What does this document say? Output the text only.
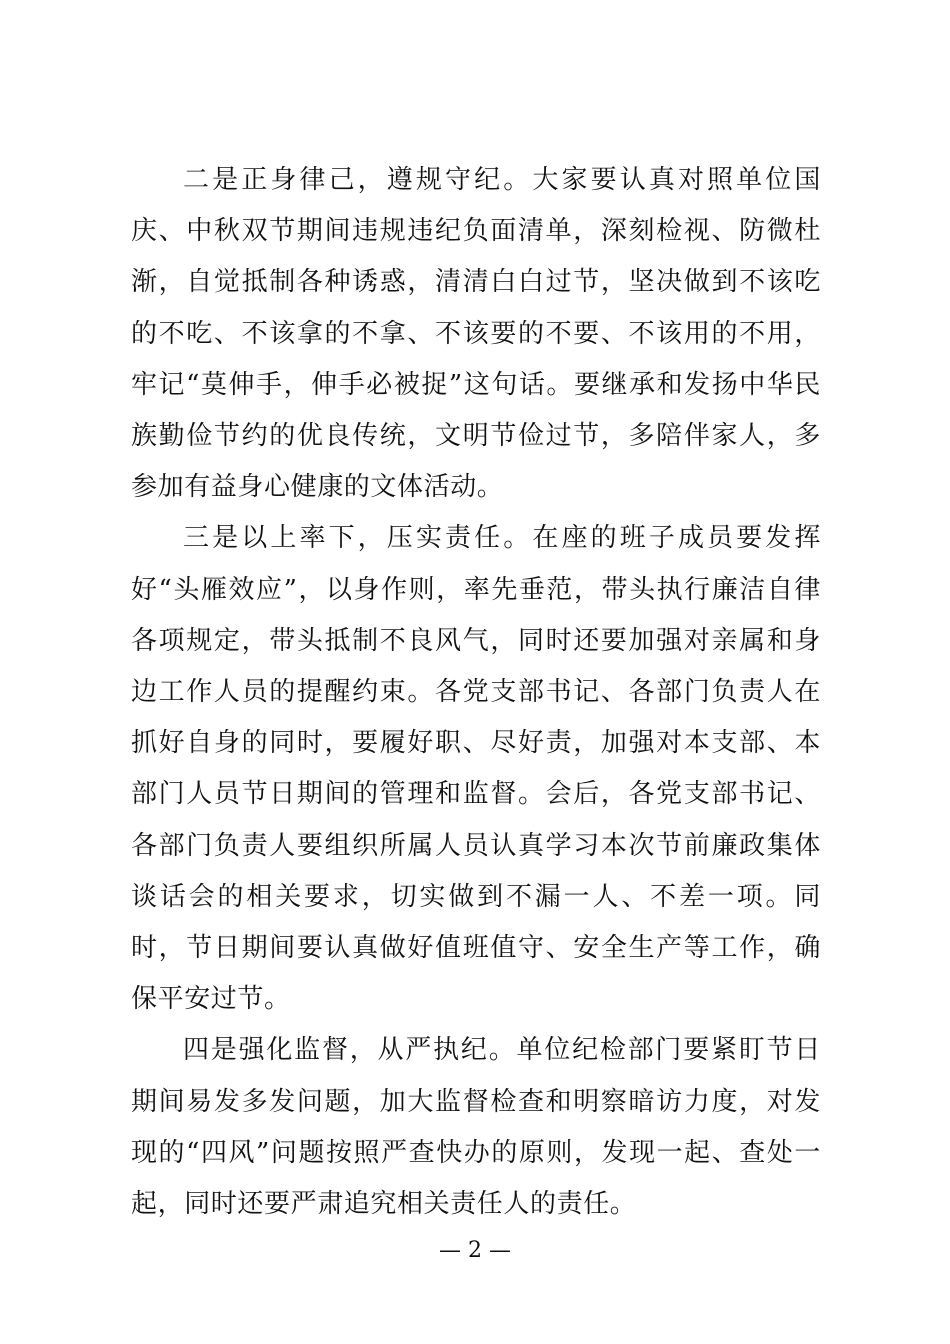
二是正身律己，遵规守纪。大家要认真对照单位国庆、中秋双节期间违规违纪负面清单，深刻检视、防微杜渐，自觉抵制各种诱惑，清清白白过节，坚决做到不该吃的不吃、不该拿的不拿、不该要的不要、不该用的不用，牢记“莫伸手，伸手必被捉”这句话。要继承和发扬中华民族勤俭节约的优良传统，文明节俭过节，多陪伴家人，多参加有益身心健康的文体活动。

三是以上率下，压实责任。在座的班子成员要发挥好“头雁效应”，以身作则，率先垂范，带头执行廉洁自律各项规定，带头抵制不良风气，同时还要加强对亲属和身边工作人员的提醒约束。各党支部书记、各部门负责人在抓好自身的同时，要履好职、尽好责，加强对本支部、本部门人员节日期间的管理和监督。会后，各党支部书记、各部门负责人要组织所属人员认真学习本次节前廉政集体谈话会的相关要求，切实做到不漏一人、不差一项。同时，节日期间要认真做好值班值守、安全生产等工作，确保平安过节。

四是强化监督，从严执纪。单位纪检部门要紧盯节日期间易发多发问题，加大监督检查和明察暗访力度，对发现的“四风”问题按照严查快办的原则，发现一起、查处一起，同时还要严肃追究相关责任人的责任。

— 2 —
